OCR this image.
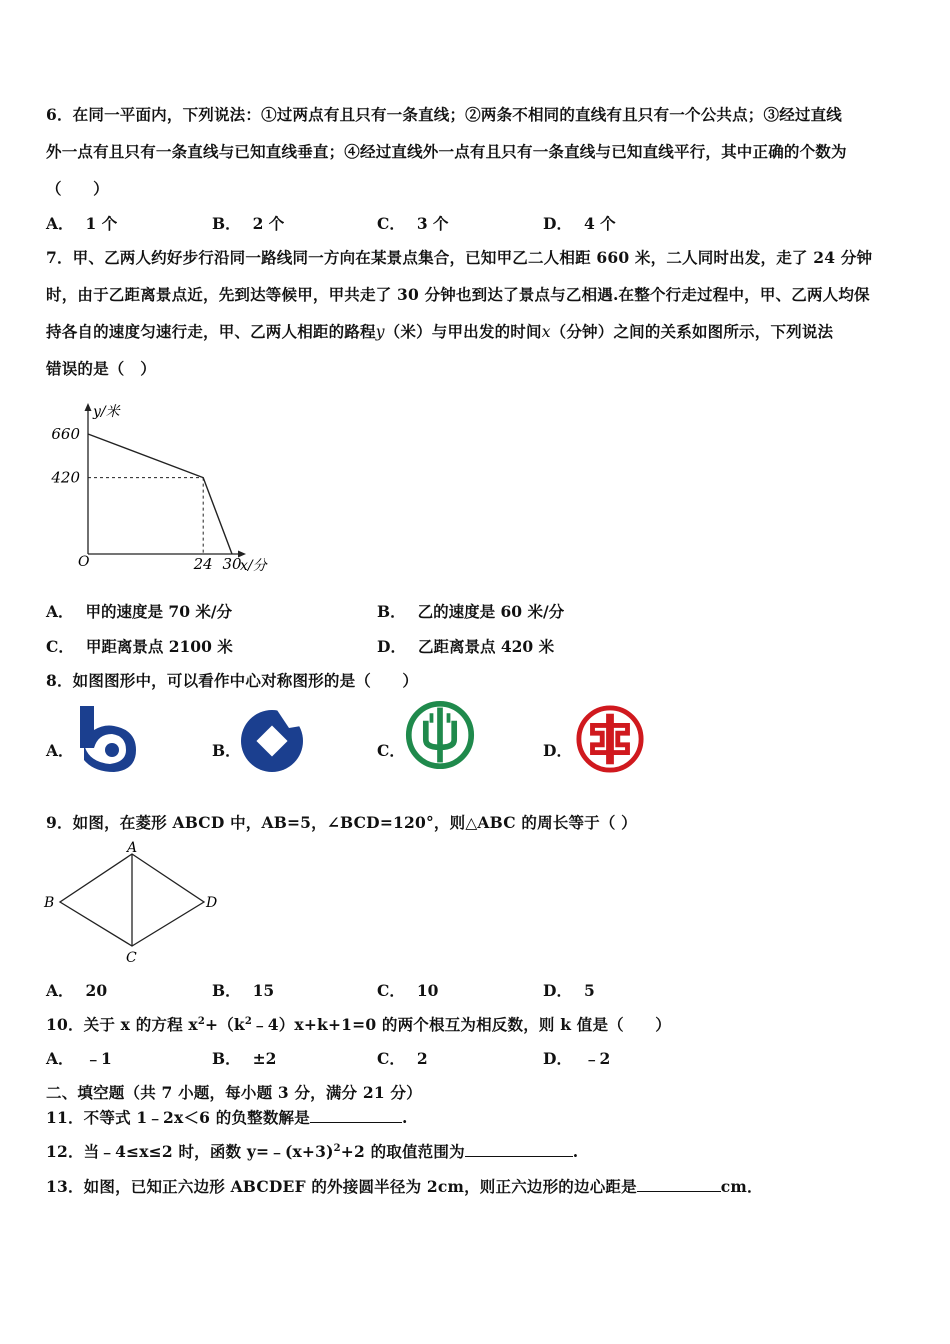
6．在同一平面内，下列说法：①过两点有且只有一条直线；②两条不相同的直线有且只有一个公共点；③经过直线
外一点有且只有一条直线与已知直线垂直；④经过直线外一点有且只有一条直线与已知直线平行，其中正确的个数为
（　　）
A． 1 个	B． 2 个	C． 3 个	D． 4 个
7．甲、乙两人约好步行沿同一路线同一方向在某景点集合，已知甲乙二人相距 660 米，二人同时出发，走了 24 分钟
时，由于乙距离景点近，先到达等候甲，甲共走了 30 分钟也到达了景点与乙相遇.在整个行走过程中，甲、乙两人均保
持各自的速度匀速行走，甲、乙两人相距的路程y（米）与甲出发的时间x（分钟）之间的关系如图所示，下列说法
错误的是（　）
660
420
24 30
O
y/米
x/分
A． 甲的速度是 70 米/分	B． 乙的速度是 60 米/分
C． 甲距离景点 2100 米	D． 乙距离景点 420 米
8．如图图形中，可以看作中心对称图形的是（　　）
A．	B．	C．	D．
9．如图，在菱形 ABCD 中，AB=5，∠BCD=120°，则△ABC 的周长等于（ ）
A
B
C
D
A． 20	B． 15	C． 10	D． 5
10．关于 x 的方程 $x^2+(k^2﹣4)x+k+1=0$ 的两个根互为相反数，则 k 值是（　　）
A． ﹣1	B． ±2	C． 2	D． ﹣2
二、填空题（共 7 小题，每小题 3 分，满分 21 分）
11．不等式 1﹣2x＜6 的负整数解是	.
12．当﹣4≤x≤2 时，函数 $y=﹣(x+3)^2+2$ 的取值范围为	.
13．如图，已知正六边形 ABCDEF 的外接圆半径为 2cm，则正六边形的边心距是	cm．
